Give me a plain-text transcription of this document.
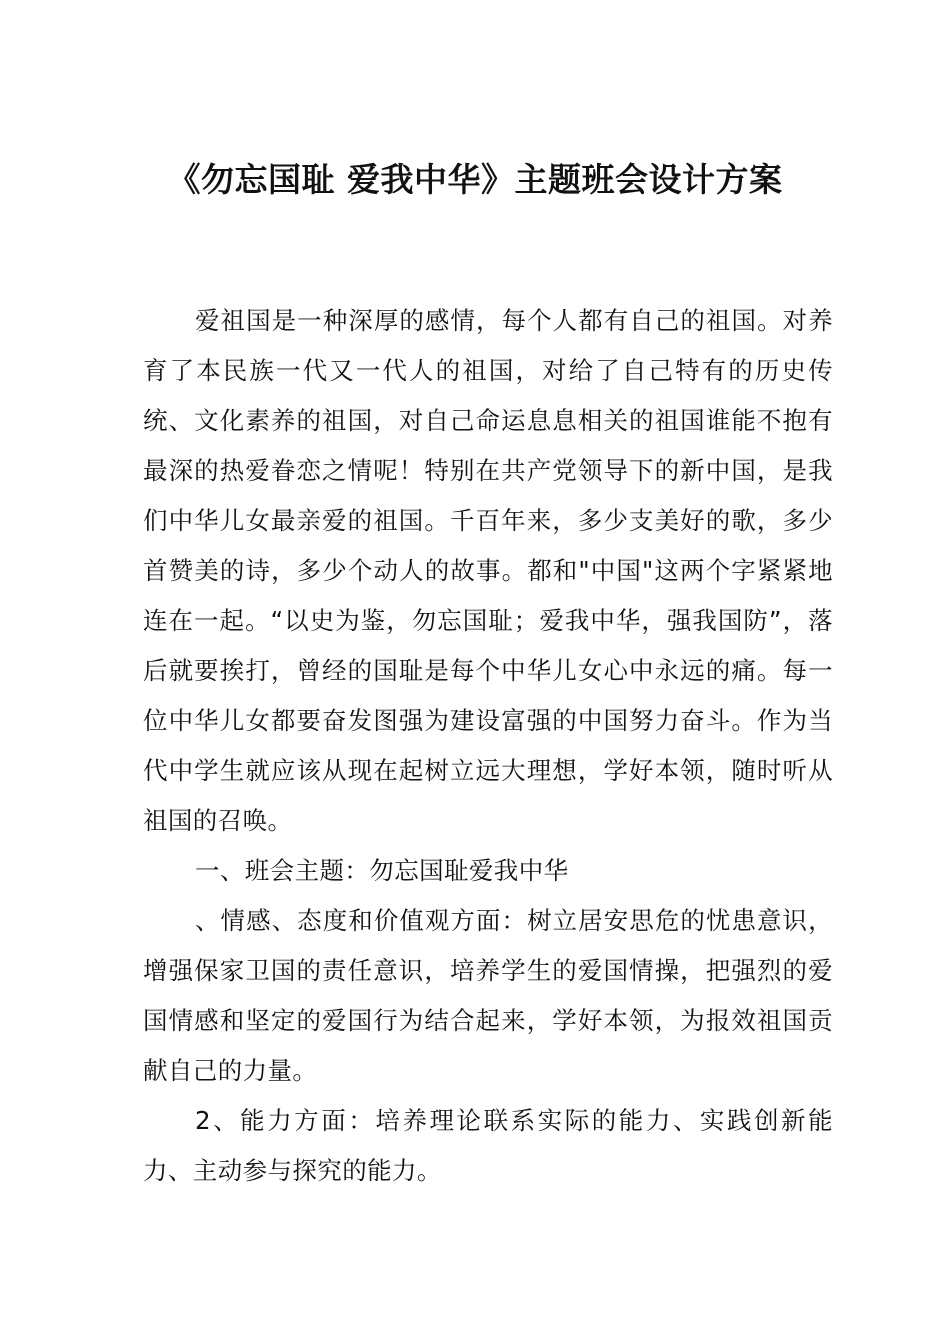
《勿忘国耻 爱我中华》主题班会设计方案

爱祖国是一种深厚的感情，每个人都有自己的祖国。对养育了本民族一代又一代人的祖国，对给了自己特有的历史传统、文化素养的祖国，对自己命运息息相关的祖国谁能不抱有最深的热爱眷恋之情呢！特别在共产党领导下的新中国，是我们中华儿女最亲爱的祖国。千百年来，多少支美好的歌，多少首赞美的诗，多少个动人的故事。都和"中国"这两个字紧紧地连在一起。“以史为鉴，勿忘国耻；爱我中华，强我国防”，落后就要挨打，曾经的国耻是每个中华儿女心中永远的痛。每一位中华儿女都要奋发图强为建设富强的中国努力奋斗。作为当代中学生就应该从现在起树立远大理想，学好本领，随时听从祖国的召唤。

一、班会主题：勿忘国耻爱我中华

、情感、态度和价值观方面：树立居安思危的忧患意识，增强保家卫国的责任意识，培养学生的爱国情操，把强烈的爱国情感和坚定的爱国行为结合起来，学好本领，为报效祖国贡献自己的力量。

2、能力方面：培养理论联系实际的能力、实践创新能力、主动参与探究的能力。
